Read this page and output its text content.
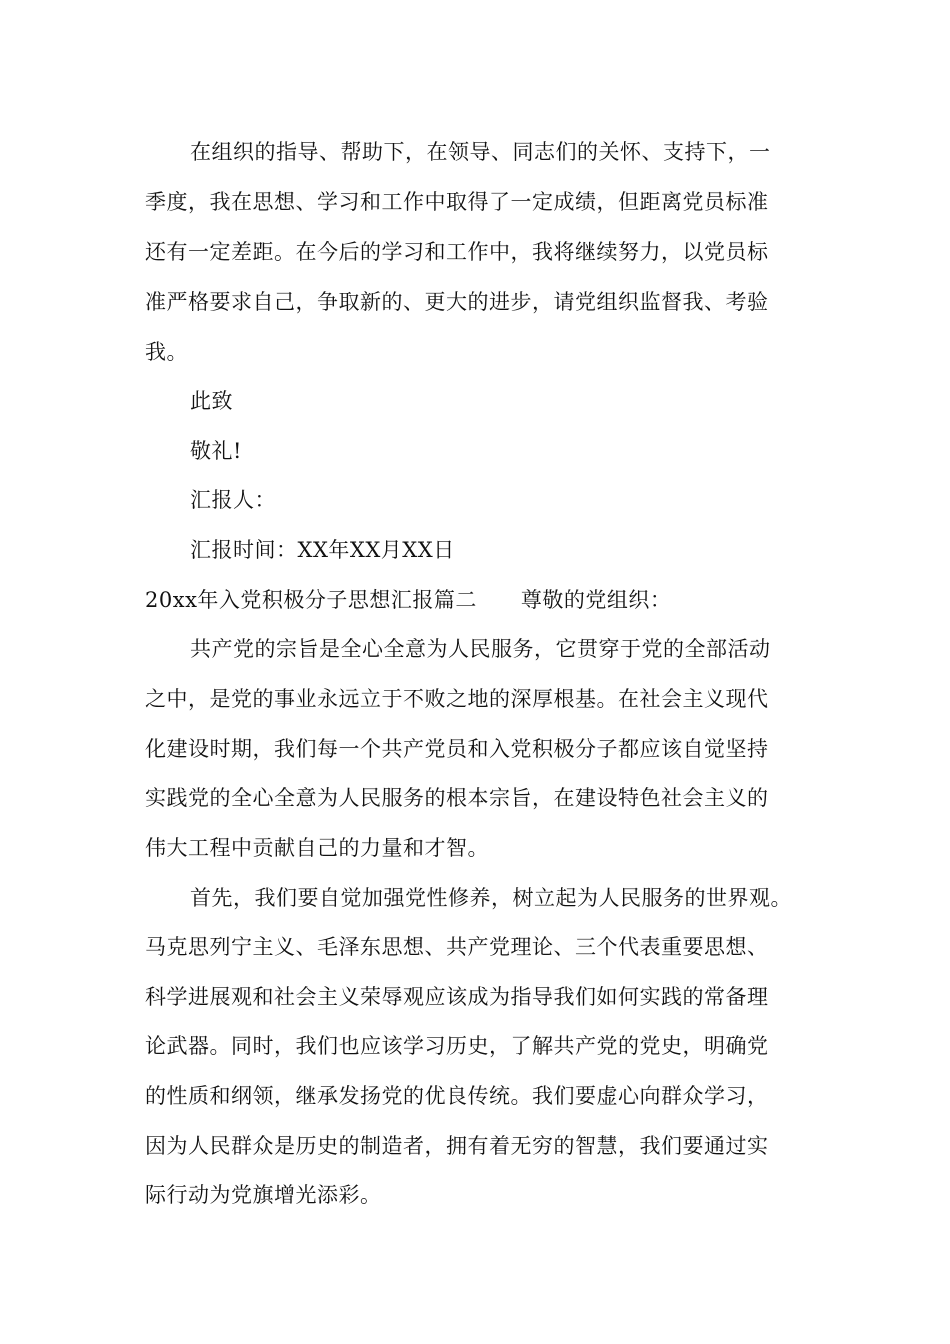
在组织的指导、帮助下，在领导、同志们的关怀、支持下，一
季度，我在思想、学习和工作中取得了一定成绩，但距离党员标准
还有一定差距。在今后的学习和工作中，我将继续努力，以党员标
准严格要求自己，争取新的、更大的进步，请党组织监督我、考验
我。
此致
敬礼!
汇报人：
汇报时间：XX年XX月XX日
20xx年入党积极分子思想汇报篇二 尊敬的党组织：
共产党的宗旨是全心全意为人民服务，它贯穿于党的全部活动
之中，是党的事业永远立于不败之地的深厚根基。在社会主义现代
化建设时期，我们每一个共产党员和入党积极分子都应该自觉坚持
实践党的全心全意为人民服务的根本宗旨，在建设特色社会主义的
伟大工程中贡献自己的力量和才智。
首先，我们要自觉加强党性修养，树立起为人民服务的世界观。
马克思列宁主义、毛泽东思想、共产党理论、三个代表重要思想、
科学进展观和社会主义荣辱观应该成为指导我们如何实践的常备理
论武器。同时，我们也应该学习历史，了解共产党的党史，明确党
的性质和纲领，继承发扬党的优良传统。我们要虚心向群众学习，
因为人民群众是历史的制造者，拥有着无穷的智慧，我们要通过实
际行动为党旗增光添彩。
